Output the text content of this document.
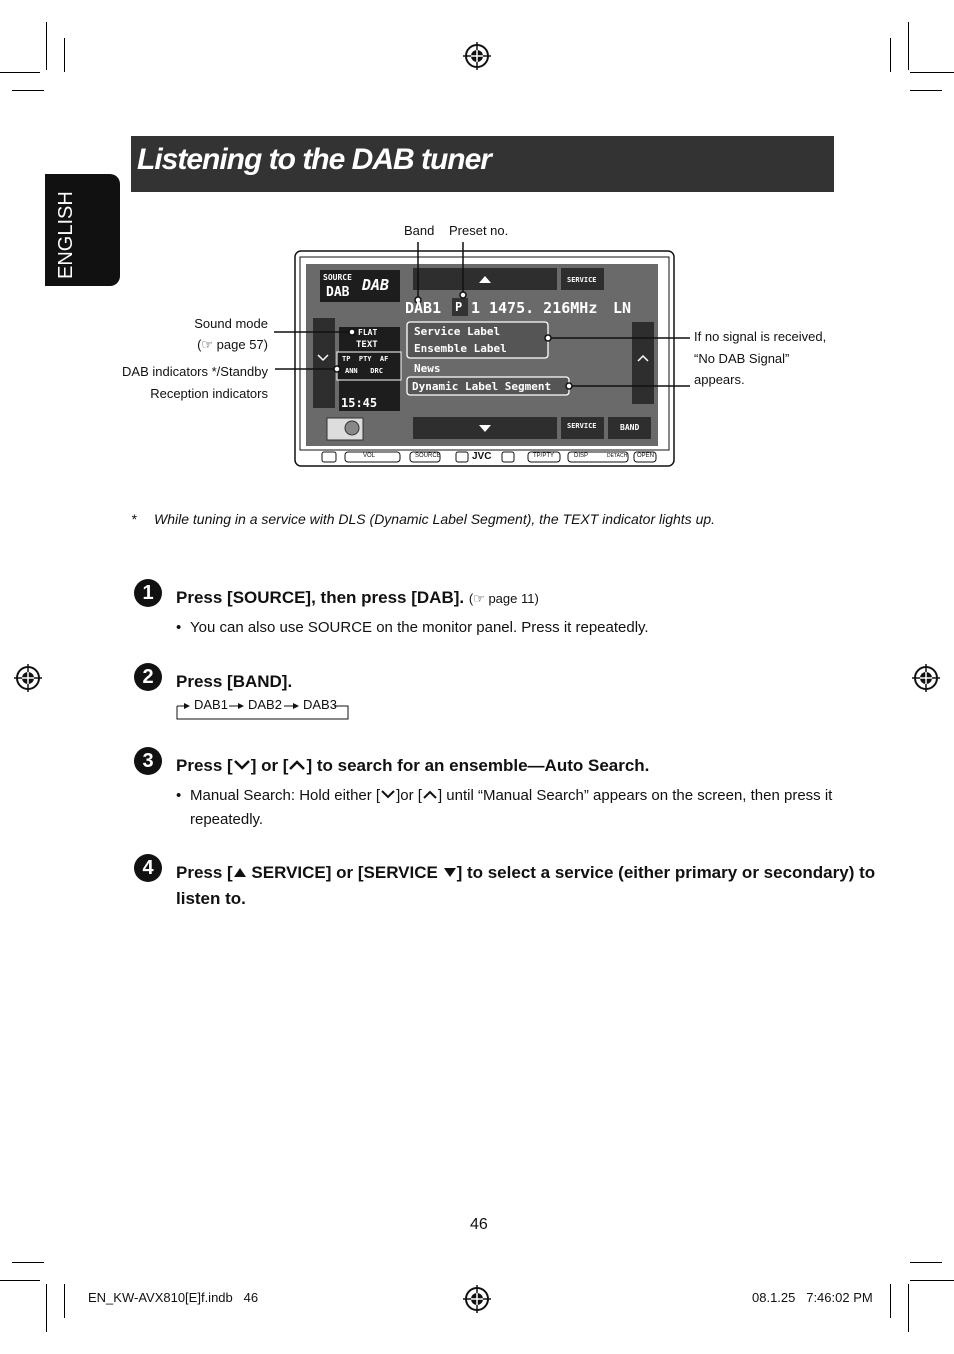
ENGLISH
Listening to the DAB tuner
Band Preset no.
Sound mode
(☞ page 57)
DAB indicators */Standby
Reception indicators
If no signal is received,
“No DAB Signal”
appears.
SOURCE
DAB DAB	SERVICE
DAB1 P 1 1475. 216MHz LN
FLAT
TEXT
TP  PTY  AF
ANN   DRC
15:45
Service Label
Ensemble Label
News
Dynamic Label Segment
SERVICE	BAND
VOL	SOURCE	JVC	TP/PTY	DISP	DETACH OPEN
* While tuning in a service with DLS (Dynamic Label Segment), the TEXT indicator lights up.
1	Press [SOURCE], then press [DAB]. (☞ page 11)
• You can also use SOURCE on the monitor panel. Press it repeatedly.
2	Press [BAND].
DAB1 DAB2 DAB3
3	Press [ ] or [ ] to search for an ensemble—Auto Search.
• Manual Search: Hold either [ ]or [ ] until “Manual Search” appears on the screen, then press it
repeatedly.
4	Press [ SERVICE] or [SERVICE ] to select a service (either primary or secondary) to
listen to.
46
EN_KW-AVX810[E]f.indb   46	08.1.25   7:46:02 PM
